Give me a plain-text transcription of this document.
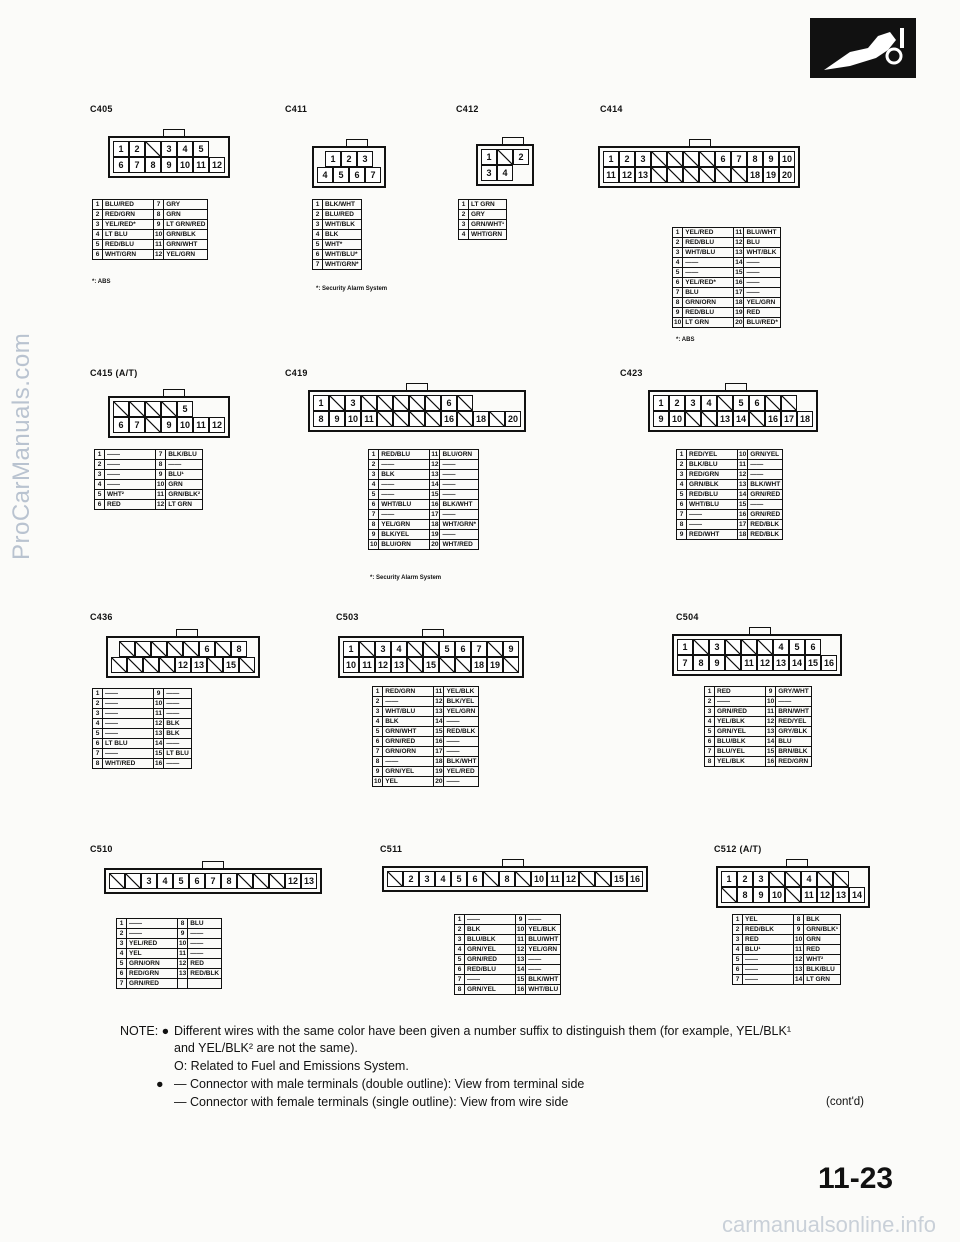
ProCarManuals.com
carmanualsonline.info
C405
1	2	3	4	5
6	7	8	9 10 11 12
1	BLU/RED	7	GRY
2	RED/GRN	8	GRN
3	YEL/RED*	9	LT GRN/RED
4	LT BLU	10	GRN/BLK
5	RED/BLU	11	GRN/WHT
6	WHT/GRN	12	YEL/GRN
*: ABS
C411
1	2	3
4	5	6	7
1	BLK/WHT
2	BLU/RED
3	WHT/BLK
4	BLK
5	WHT*
6	WHT/BLU*
7	WHT/GRN*
*: Security Alarm System
C412
1	2
3	4
1	LT GRN
2	GRY
3	GRN/WHT¹
4	WHT/GRN
C414
1	2	3	6	7	8	9 10
11 12 13	18 19 20
1	YEL/RED	11	BLU/WHT
2	RED/BLU	12	BLU
3	WHT/BLU	13	WHT/BLK
4	——	14	——
5	——	15	——
6	YEL/RED*	16	——
7	BLU	17	——
8	GRN/ORN	18	YEL/GRN
9	RED/BLU	19	RED
10	LT GRN	20	BLU/RED*
*: ABS
C415 (A/T)
5
6	7	9 10 11 12
1	——	7	BLK/BLU
2	——	8	——
3	——	9	BLU¹
4	——	10	GRN
5	WHT²	11	GRN/BLK²
6	RED	12	LT GRN
C419
1	3	6
8	9 10 11	16	18	20
1	RED/BLU	11	BLU/ORN
2	——	12	——
3	BLK	13	——
4	——	14	——
5	——	15	——
6	WHT/BLU	16	BLK/WHT
7	——	17	——
8	YEL/GRN	18	WHT/GRN*
9	BLK/YEL	19	——
10	BLU/ORN	20	WHT/RED
*: Security Alarm System
C423
1	2	3	4	5	6
9 10	13 14	16 17 18
1	RED/YEL	10	GRN/YEL
2	BLK/BLU	11	——
3	RED/GRN	12	——
4	GRN/BLK	13	BLK/WHT
5	RED/BLU	14	GRN/RED
6	WHT/BLU	15	——
7	——	16	GRN/RED
8	——	17	RED/BLK
9	RED/WHT	18	RED/BLK
C436
6	8
12 13	15
1	——	9	——
2	——	10	——
3	——	11	——
4	——	12	BLK
5	——	13	BLK
6	LT BLU	14	——
7	——	15	LT BLU
8	WHT/RED	16	——
C503
1	3	4	5	6	7	9
10 11 12 13	15	18 19
1	RED/GRN	11	YEL/BLK
2	——	12	BLK/YEL
3	WHT/BLU	13	YEL/GRN
4	BLK	14	——
5	GRN/WHT	15	RED/BLK
6	GRN/RED	16	——
7	GRN/ORN	17	——
8	——	18	BLK/WHT
9	GRN/YEL	19	YEL/RED
10	YEL	20	——
C504
1	3	4	5	6
7	8	9	11 12 13 14 15 16
1	RED	9	GRY/WHT
2	——	10	——
3	GRN/RED	11	BRN/WHT
4	YEL/BLK	12	RED/YEL
5	GRN/YEL	13	GRY/BLK
6	BLU/BLK	14	BLU
7	BLU/YEL	15	BRN/BLK
8	YEL/BLK	16	RED/GRN
C510
3	4	5	6	7	8	12 13
1	——	8	BLU
2	——	9	——
3	YEL/RED	10	——
4	YEL	11	——
5	GRN/ORN	12	RED
6	RED/GRN	13	RED/BLK
7	GRN/RED		
C511
2	3	4	5	6	8	10 11 12	15 16
1	——	9	——
2	BLK	10	YEL/BLK
3	BLU/BLK	11	BLU/WHT
4	GRN/YEL	12	YEL/GRN
5	GRN/RED	13	——
6	RED/BLU	14	——
7	——	15	BLK/WHT
8	GRN/YEL	16	WHT/BLU
C512 (A/T)
1	2	3	4
8	9 10	11 12 13 14
1	YEL	8	BLK
2	RED/BLK	9	GRN/BLK¹
3	RED	10	GRN
4	BLU¹	11	RED
5	——	12	WHT²
6	——	13	BLK/BLU
7	——	14	LT GRN
NOTE: ● Different wires with the same color have been given a number suffix to distinguish them (for example, YEL/BLK¹
and YEL/BLK² are not the same).
O: Related to Fuel and Emissions System.
● — Connector with male terminals (double outline): View from terminal side
— Connector with female terminals (single outline): View from wire side	(cont'd)
11-23
